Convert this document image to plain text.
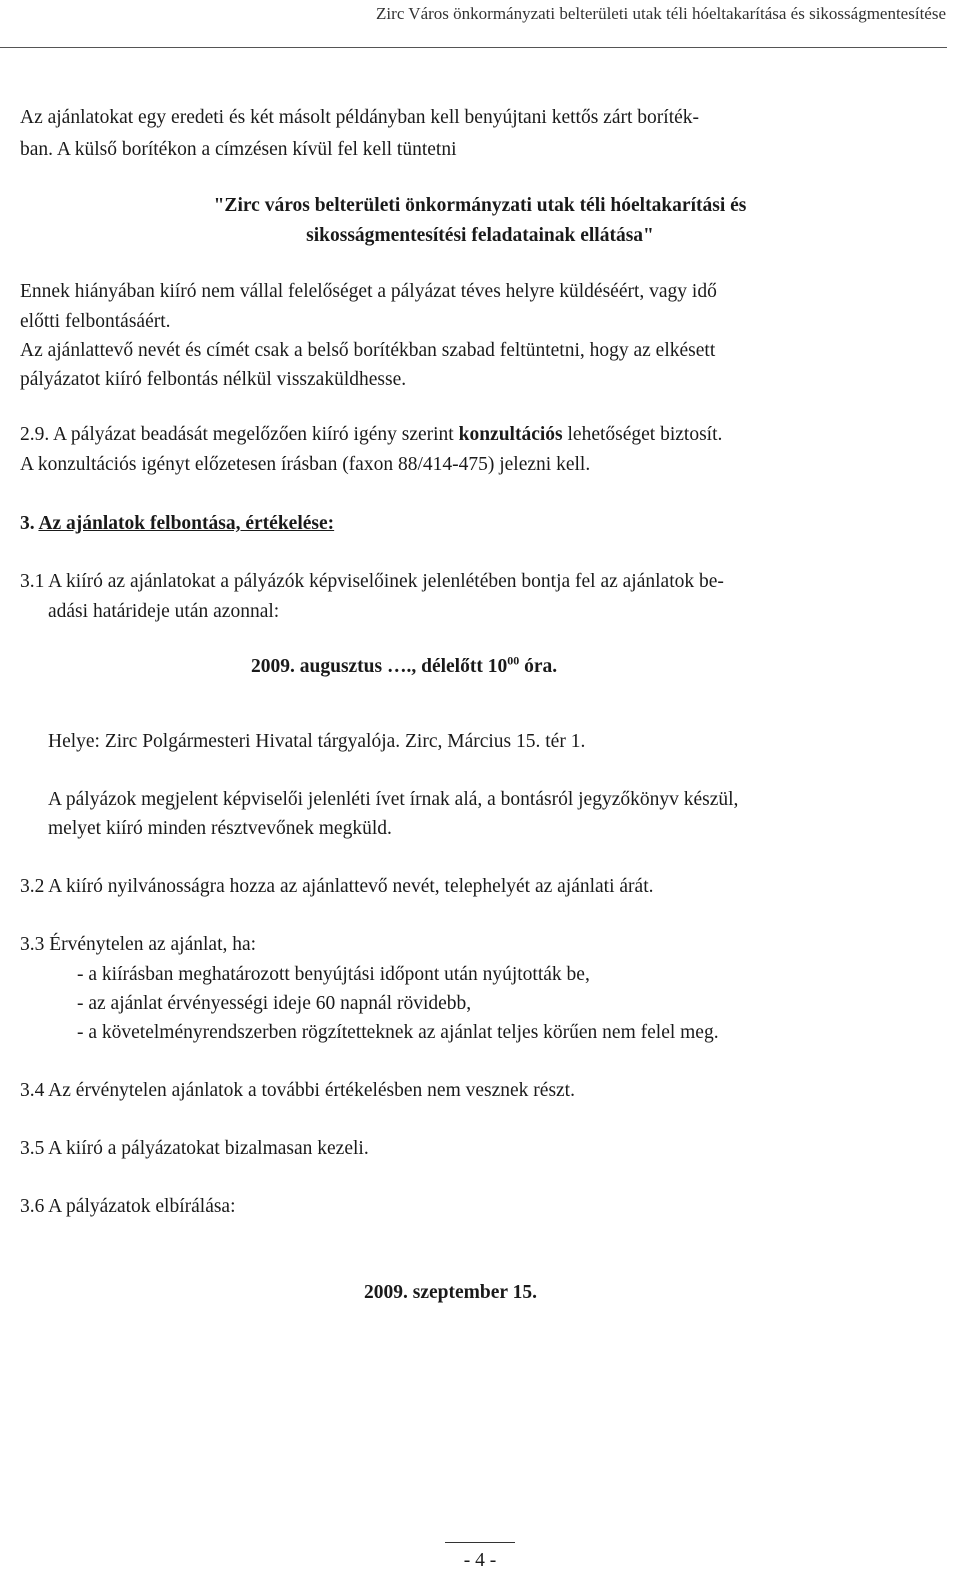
Zirc Város önkormányzati belterületi utak téli hóeltakarítása és sikosságmentesítése
Az ajánlatokat egy eredeti és két másolt példányban kell benyújtani kettős zárt boríték-
ban. A külső borítékon a címzésen kívül fel kell tüntetni
"Zirc város belterületi önkormányzati utak téli hóeltakarítási és
sikosságmentesítési feladatainak ellátása"
Ennek hiányában kiíró nem vállal felelőséget a pályázat téves helyre küldéséért, vagy idő
előtti felbontásáért.
Az ajánlattevő nevét és címét csak a belső borítékban szabad feltüntetni, hogy az elkésett
pályázatot kiíró felbontás nélkül visszaküldhesse.
2.9. A pályázat beadását megelőzően kiíró igény szerint konzultációs lehetőséget biztosít.
A konzultációs igényt előzetesen írásban (faxon 88/414-475) jelezni kell.
3. Az ajánlatok felbontása, értékelése:
3.1 A kiíró az ajánlatokat a pályázók képviselőinek jelenlétében bontja fel az ajánlatok be-
adási határideje után azonnal:
2009. augusztus …., délelőtt $10^{00}$ óra.
Helye: Zirc Polgármesteri Hivatal tárgyalója. Zirc, Március 15. tér 1.
A pályázok megjelent képviselői jelenléti ívet írnak alá, a bontásról jegyzőkönyv készül,
melyet kiíró minden résztvevőnek megküld.
3.2 A kiíró nyilvánosságra hozza az ajánlattevő nevét, telephelyét az ajánlati árát.
3.3 Érvénytelen az ajánlat, ha:
- a kiírásban meghatározott benyújtási időpont után nyújtották be,
- az ajánlat érvényességi ideje 60 napnál rövidebb,
- a követelményrendszerben rögzítetteknek az ajánlat teljes körűen nem felel meg.
3.4 Az érvénytelen ajánlatok a további értékelésben nem vesznek részt.
3.5 A kiíró a pályázatokat bizalmasan kezeli.
3.6 A pályázatok elbírálása:
2009. szeptember 15.
- 4 -
